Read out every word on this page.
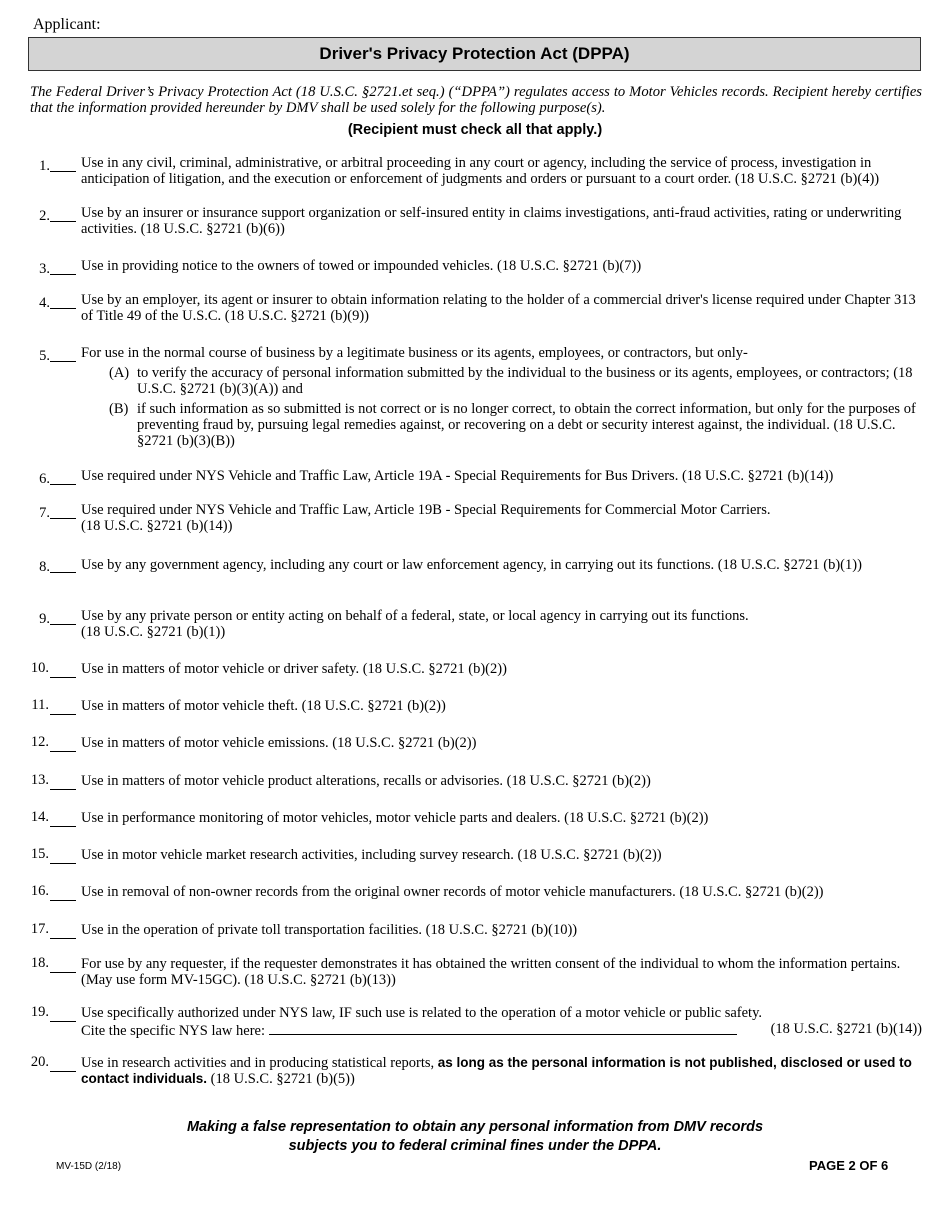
Applicant:
Driver's Privacy Protection Act (DPPA)
The Federal Driver’s Privacy Protection Act (18 U.S.C. §2721.et seq.) (“DPPA”) regulates access to Motor Vehicles records. Recipient hereby certifies that the information provided hereunder by DMV shall be used solely for the following purpose(s).
(Recipient must check all that apply.)
1. Use in any civil, criminal, administrative, or arbitral proceeding in any court or agency, including the service of process, investigation in anticipation of litigation, and the execution or enforcement of judgments and orders or pursuant to a court order. (18 U.S.C. §2721 (b)(4))
2. Use by an insurer or insurance support organization or self-insured entity in claims investigations, anti-fraud activities, rating or underwriting activities. (18 U.S.C. §2721 (b)(6))
3. Use in providing notice to the owners of towed or impounded vehicles. (18 U.S.C. §2721 (b)(7))
4. Use by an employer, its agent or insurer to obtain information relating to the holder of a commercial driver's license required under Chapter 313 of Title 49 of the U.S.C. (18 U.S.C. §2721 (b)(9))
5. For use in the normal course of business by a legitimate business or its agents, employees, or contractors, but only-
(A) to verify the accuracy of personal information submitted by the individual to the business or its agents, employees, or contractors; (18 U.S.C. §2721 (b)(3)(A)) and
(B) if such information as so submitted is not correct or is no longer correct, to obtain the correct information, but only for the purposes of preventing fraud by, pursuing legal remedies against, or recovering on a debt or security interest against, the individual. (18 U.S.C. §2721 (b)(3)(B))
6. Use required under NYS Vehicle and Traffic Law, Article 19A - Special Requirements for Bus Drivers. (18 U.S.C. §2721 (b)(14))
7. Use required under NYS Vehicle and Traffic Law, Article 19B - Special Requirements for Commercial Motor Carriers.
(18 U.S.C. §2721 (b)(14))
8. Use by any government agency, including any court or law enforcement agency, in carrying out its functions. (18 U.S.C. §2721 (b)(1))
9. Use by any private person or entity acting on behalf of a federal, state, or local agency in carrying out its functions.
(18 U.S.C. §2721 (b)(1))
10. Use in matters of motor vehicle or driver safety. (18 U.S.C. §2721 (b)(2))
11. Use in matters of motor vehicle theft. (18 U.S.C. §2721 (b)(2))
12. Use in matters of motor vehicle emissions. (18 U.S.C. §2721 (b)(2))
13. Use in matters of motor vehicle product alterations, recalls or advisories. (18 U.S.C. §2721 (b)(2))
14. Use in performance monitoring of motor vehicles, motor vehicle parts and dealers. (18 U.S.C. §2721 (b)(2))
15. Use in motor vehicle market research activities, including survey research. (18 U.S.C. §2721 (b)(2))
16. Use in removal of non-owner records from the original owner records of motor vehicle manufacturers. (18 U.S.C. §2721 (b)(2))
17. Use in the operation of private toll transportation facilities. (18 U.S.C. §2721 (b)(10))
18. For use by any requester, if the requester demonstrates it has obtained the written consent of the individual to whom the information pertains. (May use form MV-15GC). (18 U.S.C. §2721 (b)(13))
19. Use specifically authorized under NYS law, IF such use is related to the operation of a motor vehicle or public safety.
Cite the specific NYS law here:	(18 U.S.C. §2721 (b)(14))
20. Use in research activities and in producing statistical reports, as long as the personal information is not published, disclosed or used to contact individuals. (18 U.S.C. §2721 (b)(5))
Making a false representation to obtain any personal information from DMV records
subjects you to federal criminal fines under the DPPA.
MV-15D (2/18)	PAGE 2 OF 6
